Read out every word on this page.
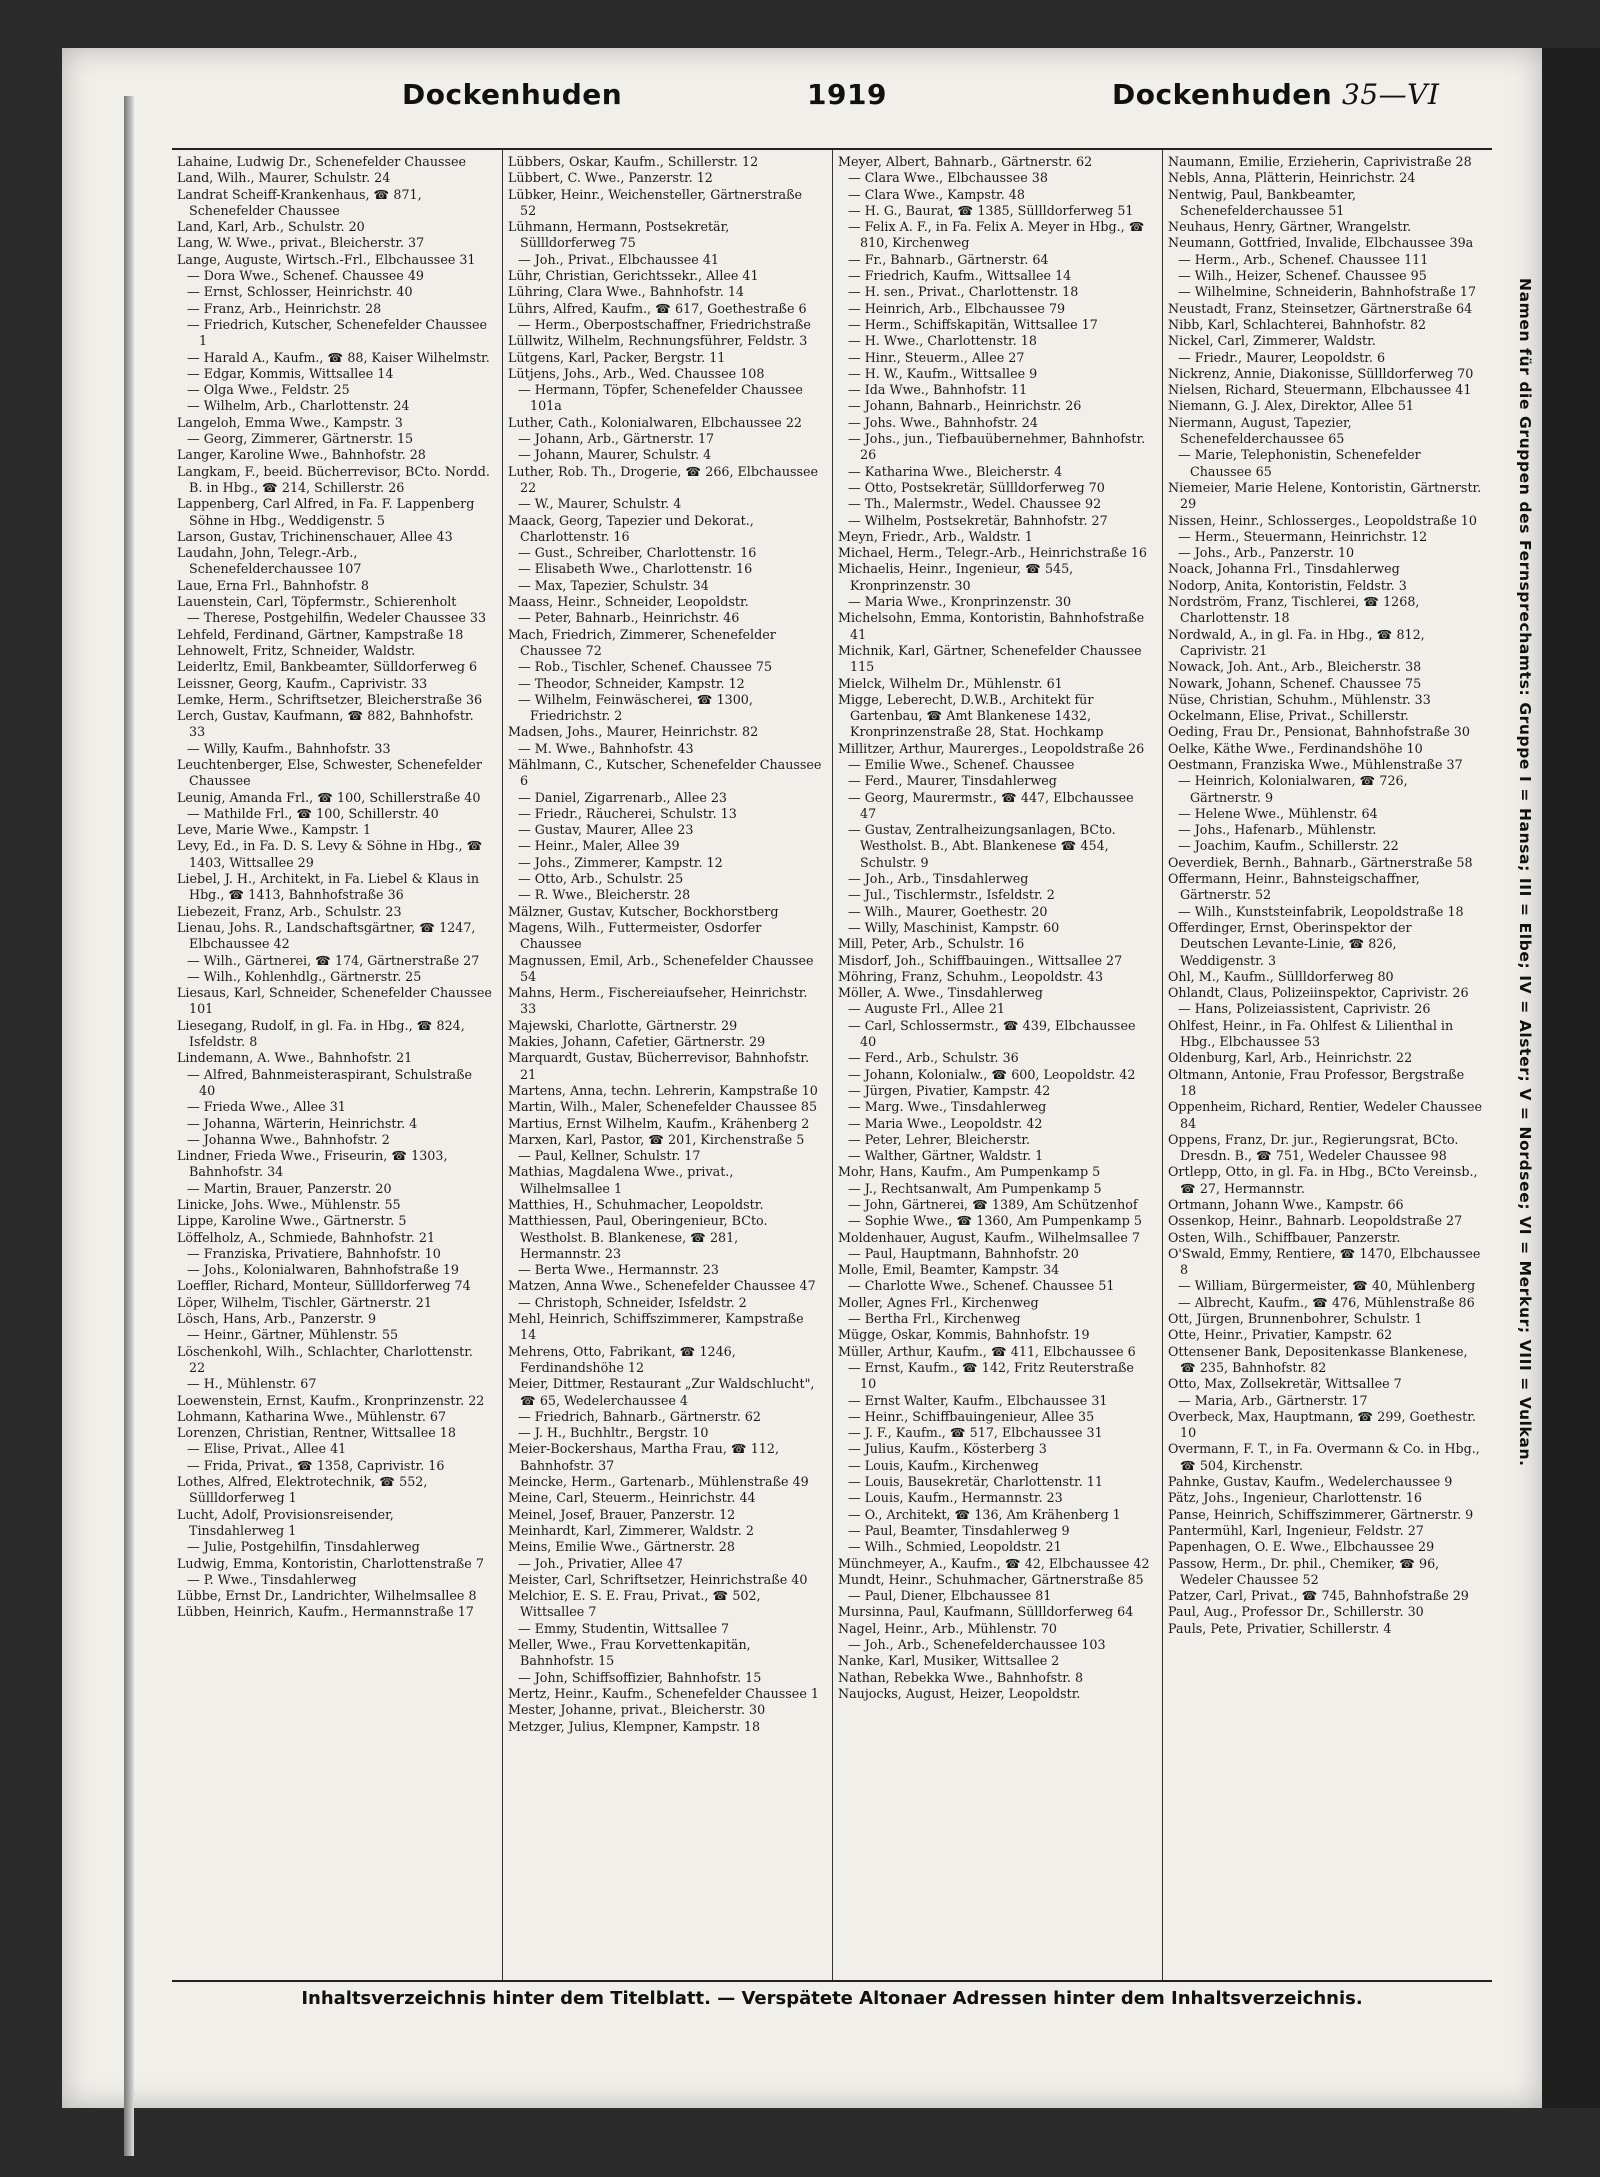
Dockenhuden	1919	Dockenhuden 35—VI

Lahaine, Ludwig Dr., Schenefelder Chaussee

Land, Wilh., Maurer, Schulstr. 24

Landrat Scheiff-Krankenhaus, ☎ 871, Schenefelder Chaussee

Land, Karl, Arb., Schulstr. 20

Lang, W. Wwe., privat., Bleicherstr. 37

Lange, Auguste, Wirtsch.-Frl., Elbchaussee 31

— Dora Wwe., Schenef. Chaussee 49

— Ernst, Schlosser, Heinrichstr. 40

— Franz, Arb., Heinrichstr. 28

— Friedrich, Kutscher, Schenefelder Chaussee 1

— Harald A., Kaufm., ☎ 88, Kaiser Wilhelmstr.

— Edgar, Kommis, Wittsallee 14

— Olga Wwe., Feldstr. 25

— Wilhelm, Arb., Charlottenstr. 24

Langeloh, Emma Wwe., Kampstr. 3

— Georg, Zimmerer, Gärtnerstr. 15

Langer, Karoline Wwe., Bahnhofstr. 28

Langkam, F., beeid. Bücherrevisor, BCto. Nordd. B. in Hbg., ☎ 214, Schillerstr. 26

Lappenberg, Carl Alfred, in Fa. F. Lappenberg Söhne in Hbg., Weddigenstr. 5

Larson, Gustav, Trichinenschauer, Allee 43

Laudahn, John, Telegr.-Arb., Schenefelderchaussee 107

Laue, Erna Frl., Bahnhofstr. 8

Lauenstein, Carl, Töpfermstr., Schierenholt

— Therese, Postgehilfin, Wedeler Chaussee 33

Lehfeld, Ferdinand, Gärtner, Kampstraße 18

Lehnowelt, Fritz, Schneider, Waldstr.

Leiderltz, Emil, Bankbeamter, Sülldorferweg 6

Leissner, Georg, Kaufm., Caprivistr. 33

Lemke, Herm., Schriftsetzer, Bleicherstraße 36

Lerch, Gustav, Kaufmann, ☎ 882, Bahnhofstr. 33

— Willy, Kaufm., Bahnhofstr. 33

Leuchtenberger, Else, Schwester, Schenefelder Chaussee

Leunig, Amanda Frl., ☎ 100, Schillerstraße 40

— Mathilde Frl., ☎ 100, Schillerstr. 40

Leve, Marie Wwe., Kampstr. 1

Levy, Ed., in Fa. D. S. Levy & Söhne in Hbg., ☎ 1403, Wittsallee 29

Liebel, J. H., Architekt, in Fa. Liebel & Klaus in Hbg., ☎ 1413, Bahnhofstraße 36

Liebezeit, Franz, Arb., Schulstr. 23

Lienau, Johs. R., Landschaftsgärtner, ☎ 1247, Elbchaussee 42

— Wilh., Gärtnerei, ☎ 174, Gärtnerstraße 27

— Wilh., Kohlenhdlg., Gärtnerstr. 25

Liesaus, Karl, Schneider, Schenefelder Chaussee 101

Liesegang, Rudolf, in gl. Fa. in Hbg., ☎ 824, Isfeldstr. 8

Lindemann, A. Wwe., Bahnhofstr. 21

— Alfred, Bahnmeisteraspirant, Schulstraße 40

— Frieda Wwe., Allee 31

— Johanna, Wärterin, Heinrichstr. 4

— Johanna Wwe., Bahnhofstr. 2

Lindner, Frieda Wwe., Friseurin, ☎ 1303, Bahnhofstr. 34

— Martin, Brauer, Panzerstr. 20

Linicke, Johs. Wwe., Mühlenstr. 55

Lippe, Karoline Wwe., Gärtnerstr. 5

Löffelholz, A., Schmiede, Bahnhofstr. 21

— Franziska, Privatiere, Bahnhofstr. 10

— Johs., Kolonialwaren, Bahnhofstraße 19

Loeffler, Richard, Monteur, Süllldorferweg 74

Löper, Wilhelm, Tischler, Gärtnerstr. 21

Lösch, Hans, Arb., Panzerstr. 9

— Heinr., Gärtner, Mühlenstr. 55

Löschenkohl, Wilh., Schlachter, Charlottenstr. 22

— H., Mühlenstr. 67

Loewenstein, Ernst, Kaufm., Kronprinzenstr. 22

Lohmann, Katharina Wwe., Mühlenstr. 67

Lorenzen, Christian, Rentner, Wittsallee 18

— Elise, Privat., Allee 41

— Frida, Privat., ☎ 1358, Caprivistr. 16

Lothes, Alfred, Elektrotechnik, ☎ 552, Süllldorferweg 1

Lucht, Adolf, Provisionsreisender, Tinsdahlerweg 1

— Julie, Postgehilfin, Tinsdahlerweg

Ludwig, Emma, Kontoristin, Charlottenstraße 7

— P. Wwe., Tinsdahlerweg

Lübbe, Ernst Dr., Landrichter, Wilhelmsallee 8

Lübben, Heinrich, Kaufm., Hermannstraße 17

Lübbers, Oskar, Kaufm., Schillerstr. 12

Lübbert, C. Wwe., Panzerstr. 12

Lübker, Heinr., Weichensteller, Gärtnerstraße 52

Lühmann, Hermann, Postsekretär, Süllldorferweg 75

— Joh., Privat., Elbchaussee 41

Lühr, Christian, Gerichtssekr., Allee 41

Lühring, Clara Wwe., Bahnhofstr. 14

Lührs, Alfred, Kaufm., ☎ 617, Goethestraße 6

— Herm., Oberpostschaffner, Friedrichstraße

Lüllwitz, Wilhelm, Rechnungsführer, Feldstr. 3

Lütgens, Karl, Packer, Bergstr. 11

Lütjens, Johs., Arb., Wed. Chaussee 108

— Hermann, Töpfer, Schenefelder Chaussee 101a

Luther, Cath., Kolonialwaren, Elbchaussee 22

— Johann, Arb., Gärtnerstr. 17

— Johann, Maurer, Schulstr. 4

Luther, Rob. Th., Drogerie, ☎ 266, Elbchaussee 22

— W., Maurer, Schulstr. 4

Maack, Georg, Tapezier und Dekorat., Charlottenstr. 16

— Gust., Schreiber, Charlottenstr. 16

— Elisabeth Wwe., Charlottenstr. 16

— Max, Tapezier, Schulstr. 34

Maass, Heinr., Schneider, Leopoldstr.

— Peter, Bahnarb., Heinrichstr. 46

Mach, Friedrich, Zimmerer, Schenefelder Chaussee 72

— Rob., Tischler, Schenef. Chaussee 75

— Theodor, Schneider, Kampstr. 12

— Wilhelm, Feinwäscherei, ☎ 1300, Friedrichstr. 2

Madsen, Johs., Maurer, Heinrichstr. 82

— M. Wwe., Bahnhofstr. 43

Mählmann, C., Kutscher, Schenefelder Chaussee 6

— Daniel, Zigarrenarb., Allee 23

— Friedr., Räucherei, Schulstr. 13

— Gustav, Maurer, Allee 23

— Heinr., Maler, Allee 39

— Johs., Zimmerer, Kampstr. 12

— Otto, Arb., Schulstr. 25

— R. Wwe., Bleicherstr. 28

Mälzner, Gustav, Kutscher, Bockhorstberg

Magens, Wilh., Futtermeister, Osdorfer Chaussee

Magnussen, Emil, Arb., Schenefelder Chaussee 54

Mahns, Herm., Fischereiaufseher, Heinrichstr. 33

Majewski, Charlotte, Gärtnerstr. 29

Makies, Johann, Cafetier, Gärtnerstr. 29

Marquardt, Gustav, Bücherrevisor, Bahnhofstr. 21

Martens, Anna, techn. Lehrerin, Kampstraße 10

Martin, Wilh., Maler, Schenefelder Chaussee 85

Martius, Ernst Wilhelm, Kaufm., Krähenberg 2

Marxen, Karl, Pastor, ☎ 201, Kirchenstraße 5

— Paul, Kellner, Schulstr. 17

Mathias, Magdalena Wwe., privat., Wilhelmsallee 1

Matthies, H., Schuhmacher, Leopoldstr.

Matthiessen, Paul, Oberingenieur, BCto. Westholst. B. Blankenese, ☎ 281, Hermannstr. 23

— Berta Wwe., Hermannstr. 23

Matzen, Anna Wwe., Schenefelder Chaussee 47

— Christoph, Schneider, Isfeldstr. 2

Mehl, Heinrich, Schiffszimmerer, Kampstraße 14

Mehrens, Otto, Fabrikant, ☎ 1246, Ferdinandshöhe 12

Meier, Dittmer, Restaurant „Zur Waldschlucht", ☎ 65, Wedelerchaussee 4

— Friedrich, Bahnarb., Gärtnerstr. 62

— J. H., Buchhltr., Bergstr. 10

Meier-Bockershaus, Martha Frau, ☎ 112, Bahnhofstr. 37

Meincke, Herm., Gartenarb., Mühlenstraße 49

Meine, Carl, Steuerm., Heinrichstr. 44

Meinel, Josef, Brauer, Panzerstr. 12

Meinhardt, Karl, Zimmerer, Waldstr. 2

Meins, Emilie Wwe., Gärtnerstr. 28

— Joh., Privatier, Allee 47

Meister, Carl, Schriftsetzer, Heinrichstraße 40

Melchior, E. S. E. Frau, Privat., ☎ 502, Wittsallee 7

— Emmy, Studentin, Wittsallee 7

Meller, Wwe., Frau Korvettenkapitän, Bahnhofstr. 15

— John, Schiffsoffizier, Bahnhofstr. 15

Mertz, Heinr., Kaufm., Schenefelder Chaussee 1

Mester, Johanne, privat., Bleicherstr. 30

Metzger, Julius, Klempner, Kampstr. 18

Meyer, Albert, Bahnarb., Gärtnerstr. 62

— Clara Wwe., Elbchaussee 38

— Clara Wwe., Kampstr. 48

— H. G., Baurat, ☎ 1385, Süllldorferweg 51

— Felix A. F., in Fa. Felix A. Meyer in Hbg., ☎ 810, Kirchenweg

— Fr., Bahnarb., Gärtnerstr. 64

— Friedrich, Kaufm., Wittsallee 14

— H. sen., Privat., Charlottenstr. 18

— Heinrich, Arb., Elbchaussee 79

— Herm., Schiffskapitän, Wittsallee 17

— H. Wwe., Charlottenstr. 18

— Hinr., Steuerm., Allee 27

— H. W., Kaufm., Wittsallee 9

— Ida Wwe., Bahnhofstr. 11

— Johann, Bahnarb., Heinrichstr. 26

— Johs. Wwe., Bahnhofstr. 24

— Johs., jun., Tiefbauübernehmer, Bahnhofstr. 26

— Katharina Wwe., Bleicherstr. 4

— Otto, Postsekretär, Süllldorferweg 70

— Th., Malermstr., Wedel. Chaussee 92

— Wilhelm, Postsekretär, Bahnhofstr. 27

Meyn, Friedr., Arb., Waldstr. 1

Michael, Herm., Telegr.-Arb., Heinrichstraße 16

Michaelis, Heinr., Ingenieur, ☎ 545, Kronprinzenstr. 30

— Maria Wwe., Kronprinzenstr. 30

Michelsohn, Emma, Kontoristin, Bahnhofstraße 41

Michnik, Karl, Gärtner, Schenefelder Chaussee 115

Mielck, Wilhelm Dr., Mühlenstr. 61

Migge, Leberecht, D.W.B., Architekt für Gartenbau, ☎ Amt Blankenese 1432, Kronprinzenstraße 28, Stat. Hochkamp

Millitzer, Arthur, Maurerges., Leopoldstraße 26

— Emilie Wwe., Schenef. Chaussee

— Ferd., Maurer, Tinsdahlerweg

— Georg, Maurermstr., ☎ 447, Elbchaussee 47

— Gustav, Zentralheizungsanlagen, BCto. Westholst. B., Abt. Blankenese ☎ 454, Schulstr. 9

— Joh., Arb., Tinsdahlerweg

— Jul., Tischlermstr., Isfeldstr. 2

— Wilh., Maurer, Goethestr. 20

— Willy, Maschinist, Kampstr. 60

Mill, Peter, Arb., Schulstr. 16

Misdorf, Joh., Schiffbauingen., Wittsallee 27

Möhring, Franz, Schuhm., Leopoldstr. 43

Möller, A. Wwe., Tinsdahlerweg

— Auguste Frl., Allee 21

— Carl, Schlossermstr., ☎ 439, Elbchaussee 40

— Ferd., Arb., Schulstr. 36

— Johann, Kolonialw., ☎ 600, Leopoldstr. 42

— Jürgen, Pivatier, Kampstr. 42

— Marg. Wwe., Tinsdahlerweg

— Maria Wwe., Leopoldstr. 42

— Peter, Lehrer, Bleicherstr.

— Walther, Gärtner, Waldstr. 1

Mohr, Hans, Kaufm., Am Pumpenkamp 5

— J., Rechtsanwalt, Am Pumpenkamp 5

— John, Gärtnerei, ☎ 1389, Am Schützenhof

— Sophie Wwe., ☎ 1360, Am Pumpenkamp 5

Moldenhauer, August, Kaufm., Wilhelmsallee 7

— Paul, Hauptmann, Bahnhofstr. 20

Molle, Emil, Beamter, Kampstr. 34

— Charlotte Wwe., Schenef. Chaussee 51

Moller, Agnes Frl., Kirchenweg

— Bertha Frl., Kirchenweg

Mügge, Oskar, Kommis, Bahnhofstr. 19

Müller, Arthur, Kaufm., ☎ 411, Elbchaussee 6

— Ernst, Kaufm., ☎ 142, Fritz Reuterstraße 10

— Ernst Walter, Kaufm., Elbchaussee 31

— Heinr., Schiffbauingenieur, Allee 35

— J. F., Kaufm., ☎ 517, Elbchaussee 31

— Julius, Kaufm., Kösterberg 3

— Louis, Kaufm., Kirchenweg

— Louis, Bausekretär, Charlottenstr. 11

— Louis, Kaufm., Hermannstr. 23

— O., Architekt, ☎ 136, Am Krähenberg 1

— Paul, Beamter, Tinsdahlerweg 9

— Wilh., Schmied, Leopoldstr. 21

Münchmeyer, A., Kaufm., ☎ 42, Elbchaussee 42

Mundt, Heinr., Schuhmacher, Gärtnerstraße 85

— Paul, Diener, Elbchaussee 81

Mursinna, Paul, Kaufmann, Süllldorferweg 64

Nagel, Heinr., Arb., Mühlenstr. 70

— Joh., Arb., Schenefelderchaussee 103

Nanke, Karl, Musiker, Wittsallee 2

Nathan, Rebekka Wwe., Bahnhofstr. 8

Naujocks, August, Heizer, Leopoldstr.

Naumann, Emilie, Erzieherin, Caprivistraße 28

Nebls, Anna, Plätterin, Heinrichstr. 24

Nentwig, Paul, Bankbeamter, Schenefelderchaussee 51

Neuhaus, Henry, Gärtner, Wrangelstr.

Neumann, Gottfried, Invalide, Elbchaussee 39a

— Herm., Arb., Schenef. Chaussee 111

— Wilh., Heizer, Schenef. Chaussee 95

— Wilhelmine, Schneiderin, Bahnhofstraße 17

Neustadt, Franz, Steinsetzer, Gärtnerstraße 64

Nibb, Karl, Schlachterei, Bahnhofstr. 82

Nickel, Carl, Zimmerer, Waldstr.

— Friedr., Maurer, Leopoldstr. 6

Nickrenz, Annie, Diakonisse, Süllldorferweg 70

Nielsen, Richard, Steuermann, Elbchaussee 41

Niemann, G. J. Alex, Direktor, Allee 51

Niermann, August, Tapezier, Schenefelderchaussee 65

— Marie, Telephonistin, Schenefelder Chaussee 65

Niemeier, Marie Helene, Kontoristin, Gärtnerstr. 29

Nissen, Heinr., Schlosserges., Leopoldstraße 10

— Herm., Steuermann, Heinrichstr. 12

— Johs., Arb., Panzerstr. 10

Noack, Johanna Frl., Tinsdahlerweg

Nodorp, Anita, Kontoristin, Feldstr. 3

Nordström, Franz, Tischlerei, ☎ 1268, Charlottenstr. 18

Nordwald, A., in gl. Fa. in Hbg., ☎ 812, Caprivistr. 21

Nowack, Joh. Ant., Arb., Bleicherstr. 38

Nowark, Johann, Schenef. Chaussee 75

Nüse, Christian, Schuhm., Mühlenstr. 33

Ockelmann, Elise, Privat., Schillerstr.

Oeding, Frau Dr., Pensionat, Bahnhofstraße 30

Oelke, Käthe Wwe., Ferdinandshöhe 10

Oestmann, Franziska Wwe., Mühlenstraße 37

— Heinrich, Kolonialwaren, ☎ 726, Gärtnerstr. 9

— Helene Wwe., Mühlenstr. 64

— Johs., Hafenarb., Mühlenstr.

— Joachim, Kaufm., Schillerstr. 22

Oeverdiek, Bernh., Bahnarb., Gärtnerstraße 58

Offermann, Heinr., Bahnsteigschaffner, Gärtnerstr. 52

— Wilh., Kunststeinfabrik, Leopoldstraße 18

Offerdinger, Ernst, Oberinspektor der Deutschen Levante-Linie, ☎ 826, Weddigenstr. 3

Ohl, M., Kaufm., Süllldorferweg 80

Ohlandt, Claus, Polizeiinspektor, Caprivistr. 26

— Hans, Polizeiassistent, Caprivistr. 26

Ohlfest, Heinr., in Fa. Ohlfest & Lilienthal in Hbg., Elbchaussee 53

Oldenburg, Karl, Arb., Heinrichstr. 22

Oltmann, Antonie, Frau Professor, Bergstraße 18

Oppenheim, Richard, Rentier, Wedeler Chaussee 84

Oppens, Franz, Dr. jur., Regierungsrat, BCto. Dresdn. B., ☎ 751, Wedeler Chaussee 98

Ortlepp, Otto, in gl. Fa. in Hbg., BCto Vereinsb., ☎ 27, Hermannstr.

Ortmann, Johann Wwe., Kampstr. 66

Ossenkop, Heinr., Bahnarb. Leopoldstraße 27

Osten, Wilh., Schiffbauer, Panzerstr.

O'Swald, Emmy, Rentiere, ☎ 1470, Elbchaussee 8

— William, Bürgermeister, ☎ 40, Mühlenberg

— Albrecht, Kaufm., ☎ 476, Mühlenstraße 86

Ott, Jürgen, Brunnenbohrer, Schulstr. 1

Otte, Heinr., Privatier, Kampstr. 62

Ottensener Bank, Depositenkasse Blankenese, ☎ 235, Bahnhofstr. 82

Otto, Max, Zollsekretär, Wittsallee 7

— Maria, Arb., Gärtnerstr. 17

Overbeck, Max, Hauptmann, ☎ 299, Goethestr. 10

Overmann, F. T., in Fa. Overmann & Co. in Hbg., ☎ 504, Kirchenstr.

Pahnke, Gustav, Kaufm., Wedelerchaussee 9

Pätz, Johs., Ingenieur, Charlottenstr. 16

Panse, Heinrich, Schiffszimmerer, Gärtnerstr. 9

Pantermühl, Karl, Ingenieur, Feldstr. 27

Papenhagen, O. E. Wwe., Elbchaussee 29

Passow, Herm., Dr. phil., Chemiker, ☎ 96, Wedeler Chaussee 52

Patzer, Carl, Privat., ☎ 745, Bahnhofstraße 29

Paul, Aug., Professor Dr., Schillerstr. 30

Pauls, Pete, Privatier, Schillerstr. 4

Namen für die Gruppen des Fernsprechamts: Gruppe I = Hansa; III = Elbe; IV = Alster; V = Nordsee; VI = Merkur; VIII = Vulkan.
Inhaltsverzeichnis hinter dem Titelblatt. — Verspätete Altonaer Adressen hinter dem Inhaltsverzeichnis.
